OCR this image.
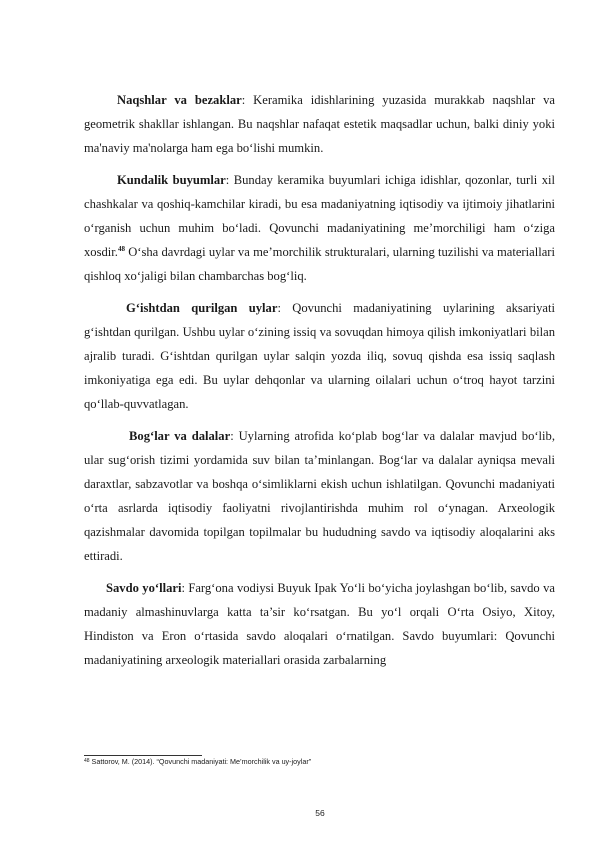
Naqshlar va bezaklar: Keramika idishlarining yuzasida murakkab naqshlar va geometrik shakllar ishlangan. Bu naqshlar nafaqat estetik maqsadlar uchun, balki diniy yoki ma'naviy ma'nolarga ham ega bo‘lishi mumkin.

Kundalik buyumlar: Bunday keramika buyumlari ichiga idishlar, qozonlar, turli xil chashkalar va qoshiq-kamchilar kiradi, bu esa madaniyatning iqtisodiy va ijtimoiy jihatlarini o‘rganish uchun muhim bo‘ladi. Qovunchi madaniyatining me’morchiligi ham o‘ziga xosdir.$^{48}$ O‘sha davrdagi uylar va me’morchilik strukturalari, ularning tuzilishi va materiallari qishloq xo‘jaligi bilan chambarchas bog‘liq.

G‘ishtdan qurilgan uylar: Qovunchi madaniyatining uylarining aksariyati g‘ishtdan qurilgan. Ushbu uylar o‘zining issiq va sovuqdan himoya qilish imkoniyatlari bilan ajralib turadi. G‘ishtdan qurilgan uylar salqin yozda iliq, sovuq qishda esa issiq saqlash imkoniyatiga ega edi. Bu uylar dehqonlar va ularning oilalari uchun o‘troq hayot tarzini qo‘llab-quvvatlagan.

Bog‘lar va dalalar: Uylarning atrofida ko‘plab bog‘lar va dalalar mavjud bo‘lib, ular sug‘orish tizimi yordamida suv bilan ta’minlangan. Bog‘lar va dalalar ayniqsa mevali daraxtlar, sabzavotlar va boshqa o‘simliklarni ekish uchun ishlatilgan. Qovunchi madaniyati o‘rta asrlarda iqtisodiy faoliyatni rivojlantirishda muhim rol o‘ynagan. Arxeologik qazishmalar davomida topilgan topilmalar bu hududning savdo va iqtisodiy aloqalarini aks ettiradi.

Savdo yo‘llari: Farg‘ona vodiysi Buyuk Ipak Yo‘li bo‘yicha joylashgan bo‘lib, savdo va madaniy almashinuvlarga katta ta’sir ko‘rsatgan. Bu yo‘l orqali O‘rta Osiyo, Xitoy, Hindiston va Eron o‘rtasida savdo aloqalari o‘rnatilgan. Savdo buyumlari: Qovunchi madaniyatining arxeologik materiallari orasida zarbalarning

$^{48}$ Sattorov, M. (2014). “Qovunchi madaniyati: Me’morchilik va uy-joylar”
56
